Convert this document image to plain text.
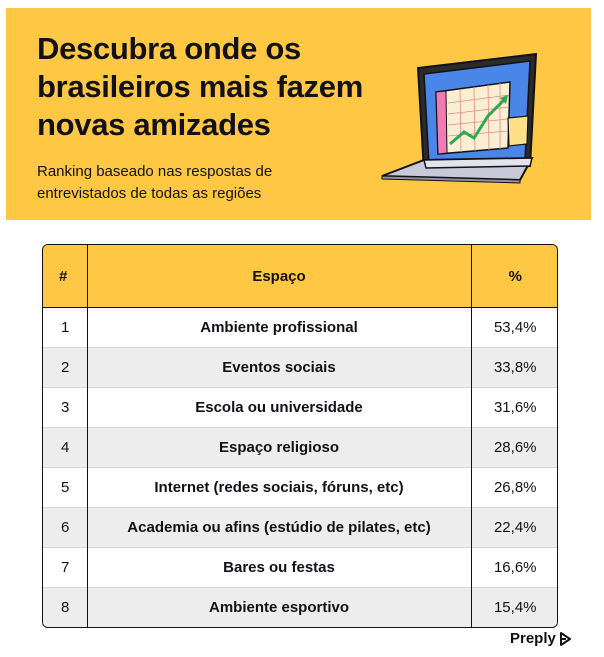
Descubra onde os brasileiros mais fazem novas amizades

Ranking baseado nas respostas de entrevistados de todas as regiões

#	Espaço	%
1	Ambiente profissional	53,4%
2	Eventos sociais	33,8%
3	Escola ou universidade	31,6%
4	Espaço religioso	28,6%
5	Internet (redes sociais, fóruns, etc)	26,8%
6	Academia ou afins (estúdio de pilates, etc)	22,4%
7	Bares ou festas	16,6%
8	Ambiente esportivo	15,4%
Preply
